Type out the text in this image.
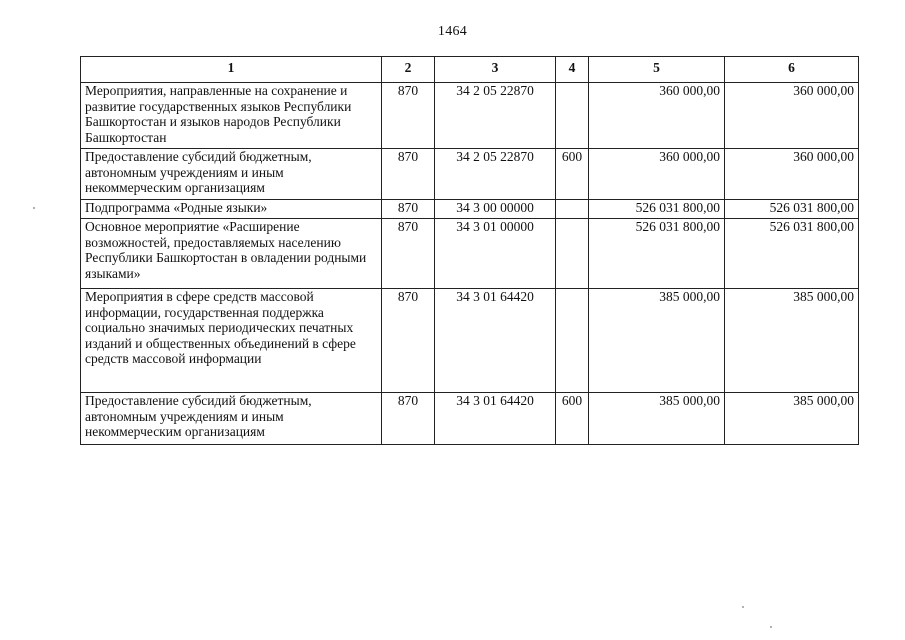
1464
1	2	3	4	5	6
Мероприятия, направленные на сохранение и развитие государственных языков Республики Башкортостан и языков народов Республики Башкортостан	870	34 2 05 22870		360 000,00	360 000,00
Предоставление субсидий бюджетным, автономным учреждениям и иным некоммерческим организациям	870	34 2 05 22870	600	360 000,00	360 000,00
Подпрограмма «Родные языки»	870	34 3 00 00000		526 031 800,00	526 031 800,00
Основное мероприятие «Расширение возможностей, предоставляемых населению Республики Башкортостан в овладении родными языками»	870	34 3 01 00000		526 031 800,00	526 031 800,00
Мероприятия в сфере средств массовой информации, государственная поддержка социально значимых периодических печатных изданий и общественных объединений в сфере средств массовой информации	870	34 3 01 64420		385 000,00	385 000,00
Предоставление субсидий бюджетным, автономным учреждениям и иным некоммерческим организациям	870	34 3 01 64420	600	385 000,00	385 000,00
